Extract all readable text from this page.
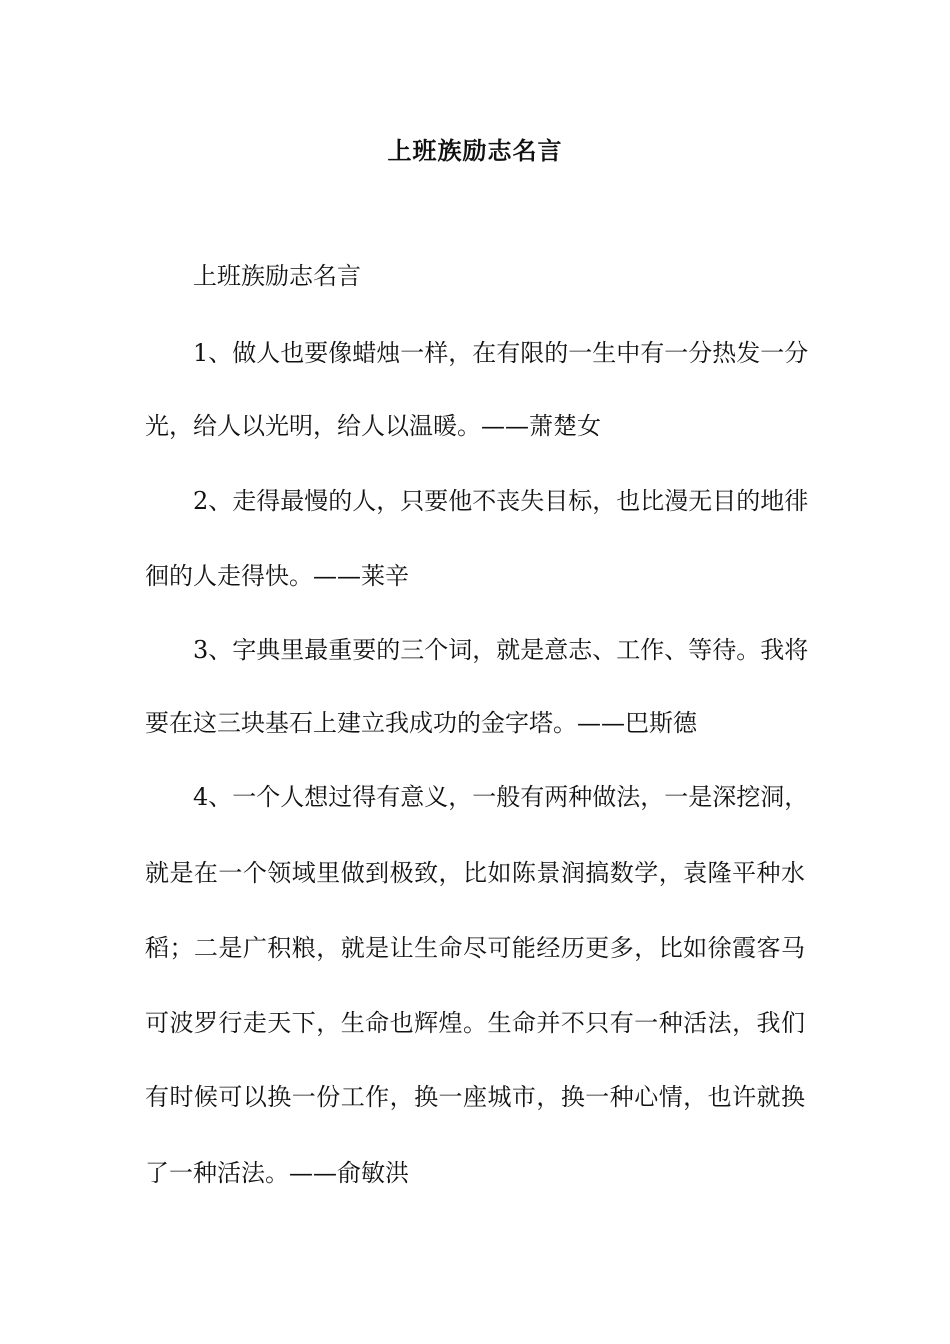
上班族励志名言
上班族励志名言
1、做人也要像蜡烛一样，在有限的一生中有一分热发一分
光，给人以光明，给人以温暖。——萧楚女
2、走得最慢的人，只要他不丧失目标，也比漫无目的地徘
徊的人走得快。——莱辛
3、字典里最重要的三个词，就是意志、工作、等待。我将
要在这三块基石上建立我成功的金字塔。——巴斯德
4、一个人想过得有意义，一般有两种做法，一是深挖洞，
就是在一个领域里做到极致，比如陈景润搞数学，袁隆平种水
稻；二是广积粮，就是让生命尽可能经历更多，比如徐霞客马
可波罗行走天下，生命也辉煌。生命并不只有一种活法，我们
有时候可以换一份工作，换一座城市，换一种心情，也许就换
了一种活法。——俞敏洪
